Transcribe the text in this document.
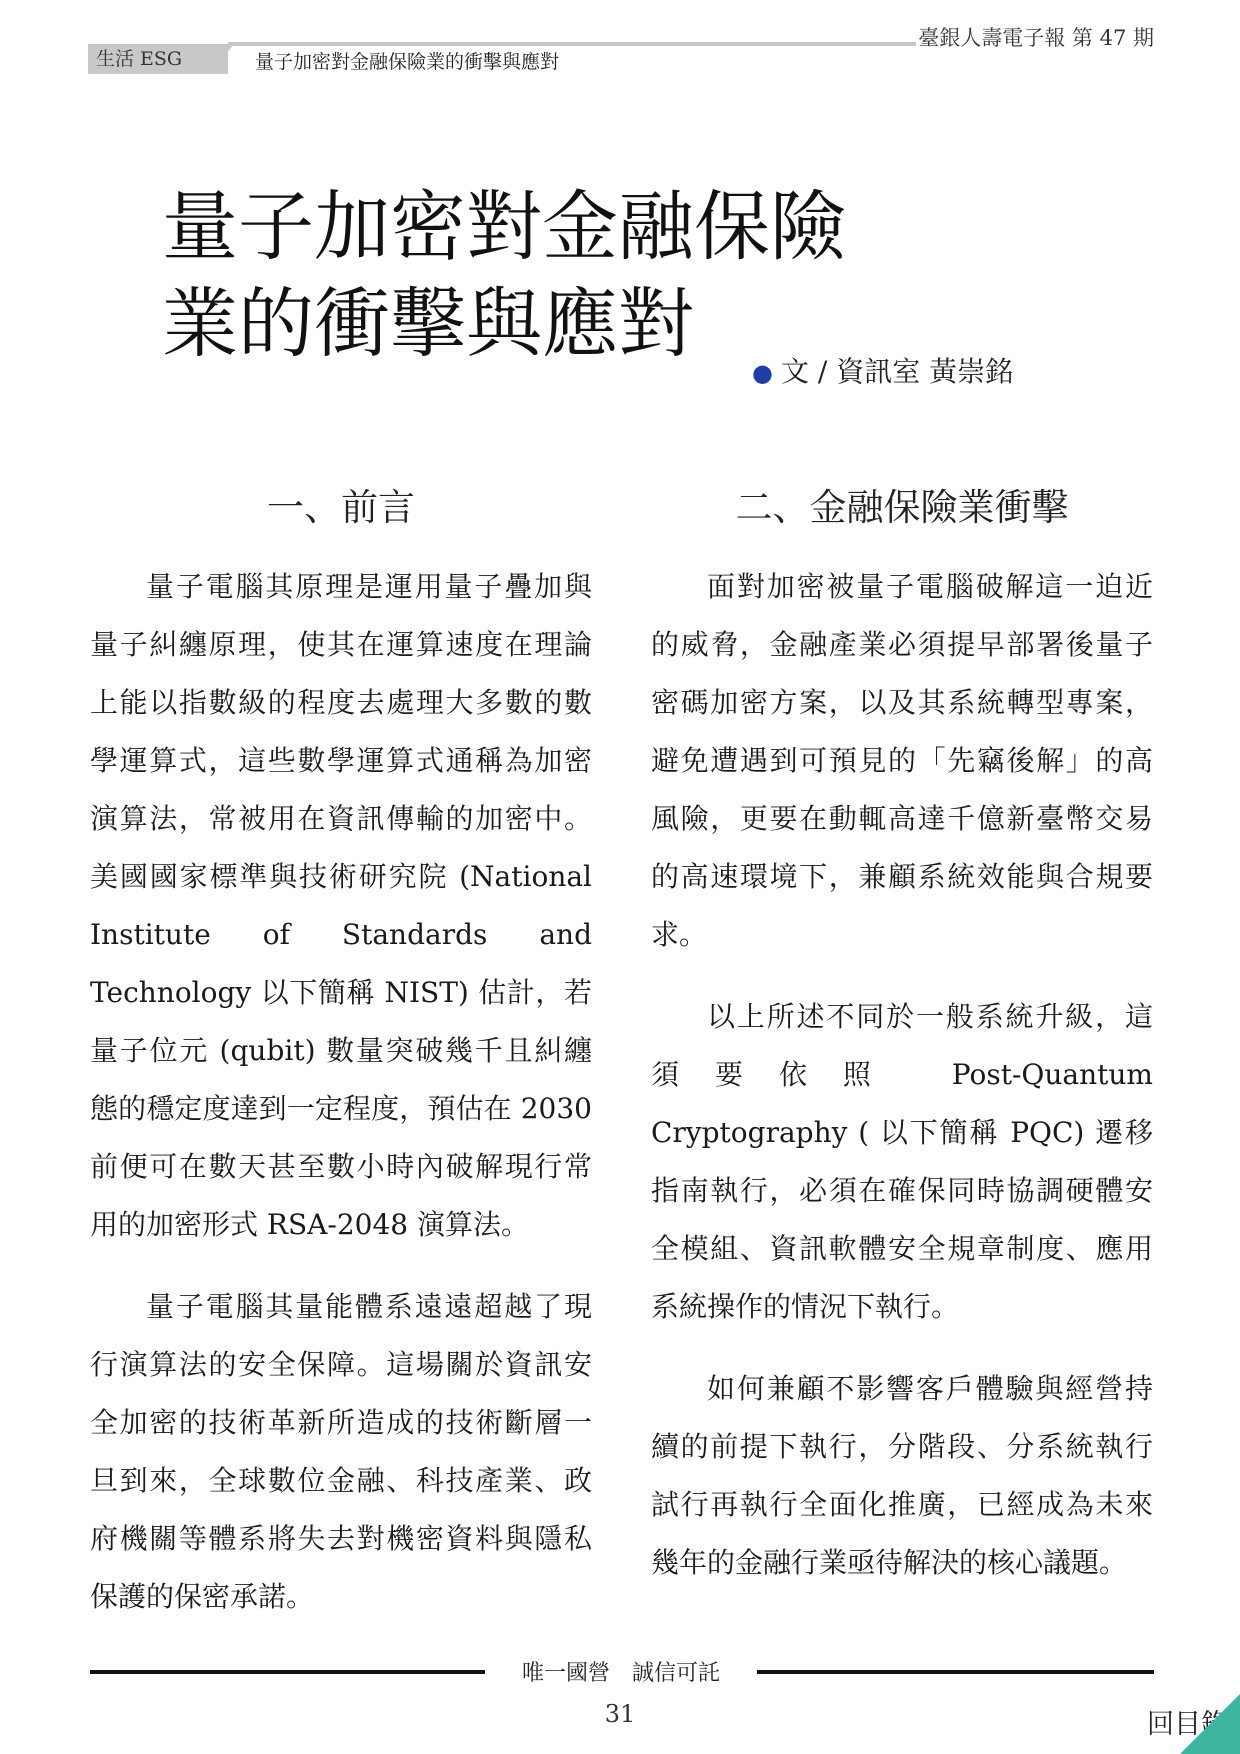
生活 ESG	量子加密對金融保險業的衝擊與應對
臺銀人壽電子報 第 47 期
量子加密對金融保險
業的衝擊與應對
● 文 / 資訊室 黃崇銘
一、前言

量子電腦其原理是運用量子疊加與量子糾纏原理，使其在運算速度在理論上能以指數級的程度去處理大多數的數學運算式，這些數學運算式通稱為加密演算法，常被用在資訊傳輸的加密中。美國國家標準與技術研究院 (National Institute of Standards and Technology 以下簡稱 NIST) 估計，若量子位元 (qubit) 數量突破幾千且糾纏態的穩定度達到一定程度，預估在 2030 前便可在數天甚至數小時內破解現行常用的加密形式 RSA-2048 演算法。

量子電腦其量能體系遠遠超越了現行演算法的安全保障。這場關於資訊安全加密的技術革新所造成的技術斷層一旦到來，全球數位金融、科技產業、政府機關等體系將失去對機密資料與隱私保護的保密承諾。

二、金融保險業衝擊

面對加密被量子電腦破解這一迫近的威脅，金融產業必須提早部署後量子密碼加密方案，以及其系統轉型專案，避免遭遇到可預見的「先竊後解」的高風險，更要在動輒高達千億新臺幣交易的高速環境下，兼顧系統效能與合規要求。

以上所述不同於一般系統升級，這須要依照 Post-Quantum Cryptography ( 以下簡稱 PQC) 遷移指南執行，必須在確保同時協調硬體安全模組、資訊軟體安全規章制度、應用系統操作的情況下執行。

如何兼顧不影響客戶體驗與經營持續的前提下執行，分階段、分系統執行試行再執行全面化推廣，已經成為未來幾年的金融行業亟待解決的核心議題。

唯一國營　誠信可託
31	回目錄
